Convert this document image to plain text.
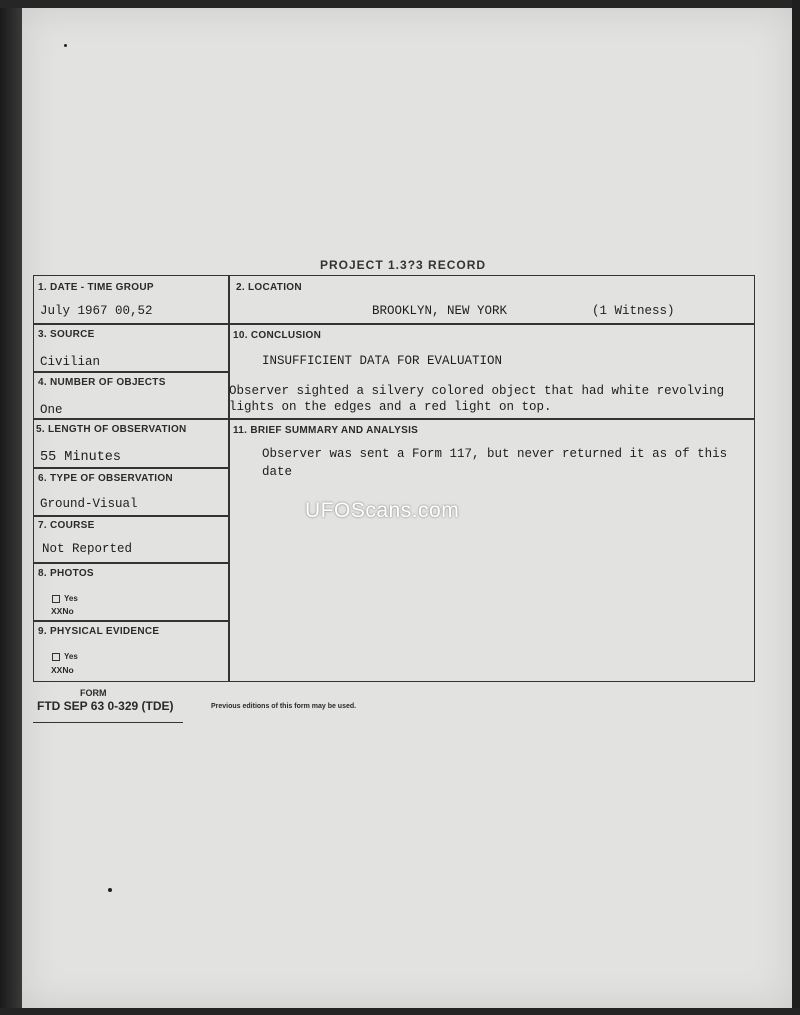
PROJECT 1.3?3 RECORD
1. DATE - TIME GROUP
July 1967 00,52
2. LOCATION
BROOKLYN, NEW YORK	(1 Witness)
3. SOURCE
Civilian
10. CONCLUSION
INSUFFICIENT DATA FOR EVALUATION
4. NUMBER OF OBJECTS
One
Observer sighted a silvery colored object that had white revolving
lights on the edges and a red light on top.
5. LENGTH OF OBSERVATION
55 Minutes
11. BRIEF SUMMARY AND ANALYSIS
Observer was sent a Form 117, but never returned it as of this
date
6. TYPE OF OBSERVATION
Ground-Visual
7. COURSE
Not Reported
8. PHOTOS
Yes
XXNo
9. PHYSICAL EVIDENCE
Yes
XXNo
UFOScans.com
FORM
FTD SEP 63 0-329 (TDE)	Previous editions of this form may be used.
